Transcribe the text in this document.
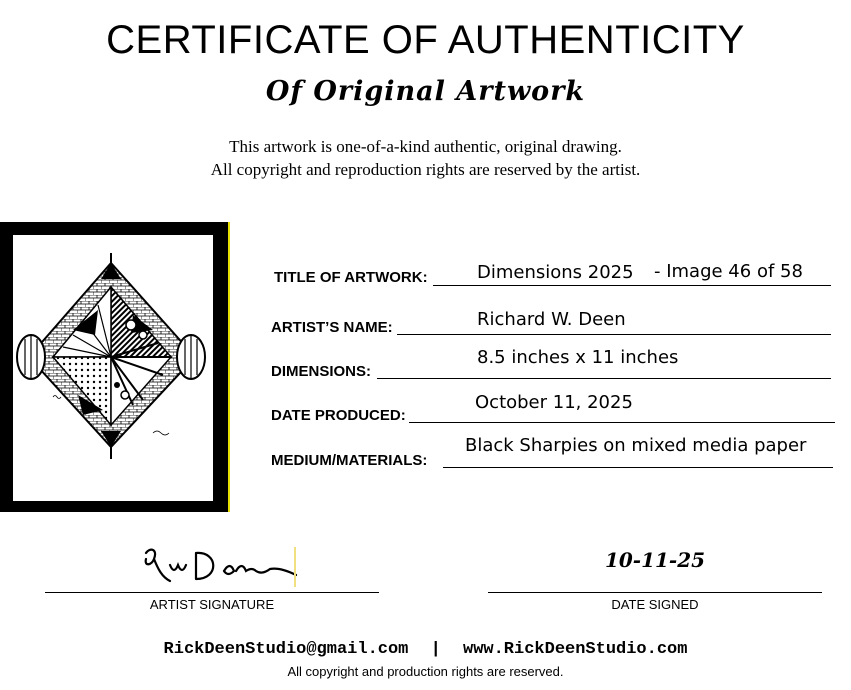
CERTIFICATE OF AUTHENTICITY
Of Original Artwork
This artwork is one-of-a-kind authentic, original drawing.
All copyright and reproduction rights are reserved by the artist.
TITLE OF ARTWORK:	Dimensions 2025 - Image 46 of 58
ARTIST’S NAME:	Richard W. Deen
DIMENSIONS:
8.5 inches x 11 inches
DATE PRODUCED:
October 11, 2025
MEDIUM/MATERIALS:
Black Sharpies on mixed media paper
ARTIST SIGNATURE
10-11-25
DATE SIGNED
RickDeenStudio@gmail.com | www.RickDeenStudio.com
All copyright and production rights are reserved.
